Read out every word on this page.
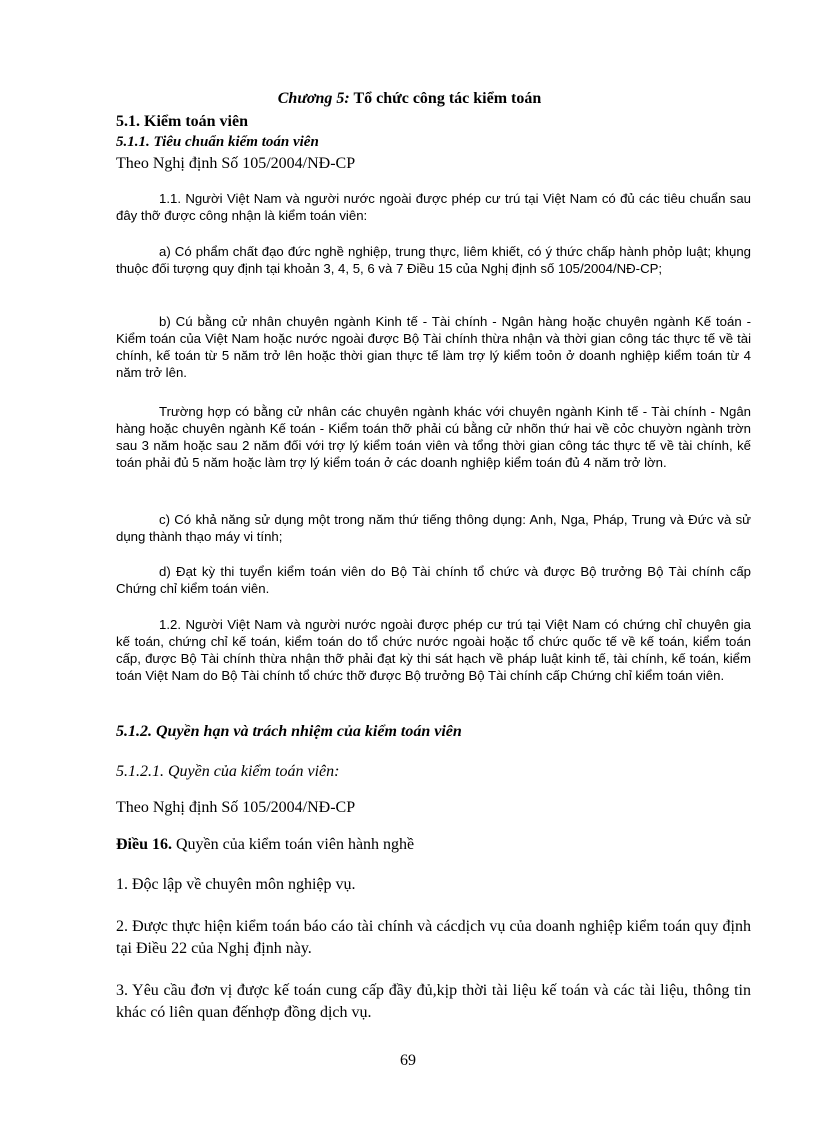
Chương 5: Tổ chức công tác kiểm toán

5.1. Kiểm toán viên

5.1.1. Tiêu chuẩn kiểm toán viên

Theo Nghị định Số 105/2004/NĐ-CP

1.1. Người Việt Nam và người nước ngoài được phép cư trú tại Việt Nam có đủ các tiêu chuẩn sau đây thỡ được công nhận là kiểm toán viên:

a) Có phẩm chất đạo đức nghề nghiệp, trung thực, liêm khiết, có ý thức chấp hành phỏp luật; khụng thuộc đối tượng quy định tại khoản 3, 4, 5, 6 và 7 Điều 15 của Nghị định số 105/2004/NĐ-CP;

b) Cú bằng cử nhân chuyên ngành Kinh tế - Tài chính - Ngân hàng hoặc chuyên ngành Kế toán - Kiểm toán của Việt Nam hoặc nước ngoài được Bộ Tài chính thừa nhận và thời gian công tác thực tế về tài chính, kế toán từ 5 năm trở lên hoặc thời gian thực tế làm trợ lý kiểm toỏn ở doanh nghiệp kiểm toán từ 4 năm trở lên.

Trường hợp có bằng cử nhân các chuyên ngành khác với chuyên ngành Kinh tế - Tài chính - Ngân hàng hoặc chuyên ngành Kế toán - Kiểm toán thỡ phải cú bằng cử nhõn thứ hai về cỏc chuyờn ngành trờn sau 3 năm hoặc sau 2 năm đối với trợ lý kiểm toán viên và tổng thời gian công tác thực tế về tài chính, kế toán phải đủ 5 năm hoặc làm trợ lý kiểm toán ở các doanh nghiệp kiểm toán đủ 4 năm trở lờn.

c) Có khả năng sử dụng một trong năm thứ tiếng thông dụng: Anh, Nga, Pháp, Trung và Đức và sử dụng thành thạo máy vi tính;

d) Đạt kỳ thi tuyển kiểm toán viên do Bộ Tài chính tổ chức và được Bộ trưởng Bộ Tài chính cấp Chứng chỉ kiểm toán viên.

1.2. Người Việt Nam và người nước ngoài được phép cư trú tại Việt Nam có chứng chỉ chuyên gia kế toán, chứng chỉ kế toán, kiểm toán do tổ chức nước ngoài hoặc tổ chức quốc tế về kế toán, kiểm toán cấp, được Bộ Tài chính thừa nhận thỡ phải đạt kỳ thi sát hạch về pháp luật kinh tế, tài chính, kế toán, kiểm toán Việt Nam do Bộ Tài chính tổ chức thỡ được Bộ trưởng Bộ Tài chính cấp Chứng chỉ kiểm toán viên.

5.1.2. Quyền hạn và trách nhiệm của kiểm toán viên

5.1.2.1. Quyền của kiểm toán viên:

Theo Nghị định Số 105/2004/NĐ-CP

Điều 16. Quyền của kiểm toán viên hành nghề

1. Độc lập về chuyên môn nghiệp vụ.

2. Được thực hiện kiểm toán báo cáo tài chính và cácdịch vụ của doanh nghiệp kiểm toán quy định tại Điều 22 của Nghị định này.

3. Yêu cầu đơn vị được kế toán cung cấp đầy đủ,kịp thời tài liệu kế toán và các tài liệu, thông tin khác có liên quan đếnhợp đồng dịch vụ.

69
